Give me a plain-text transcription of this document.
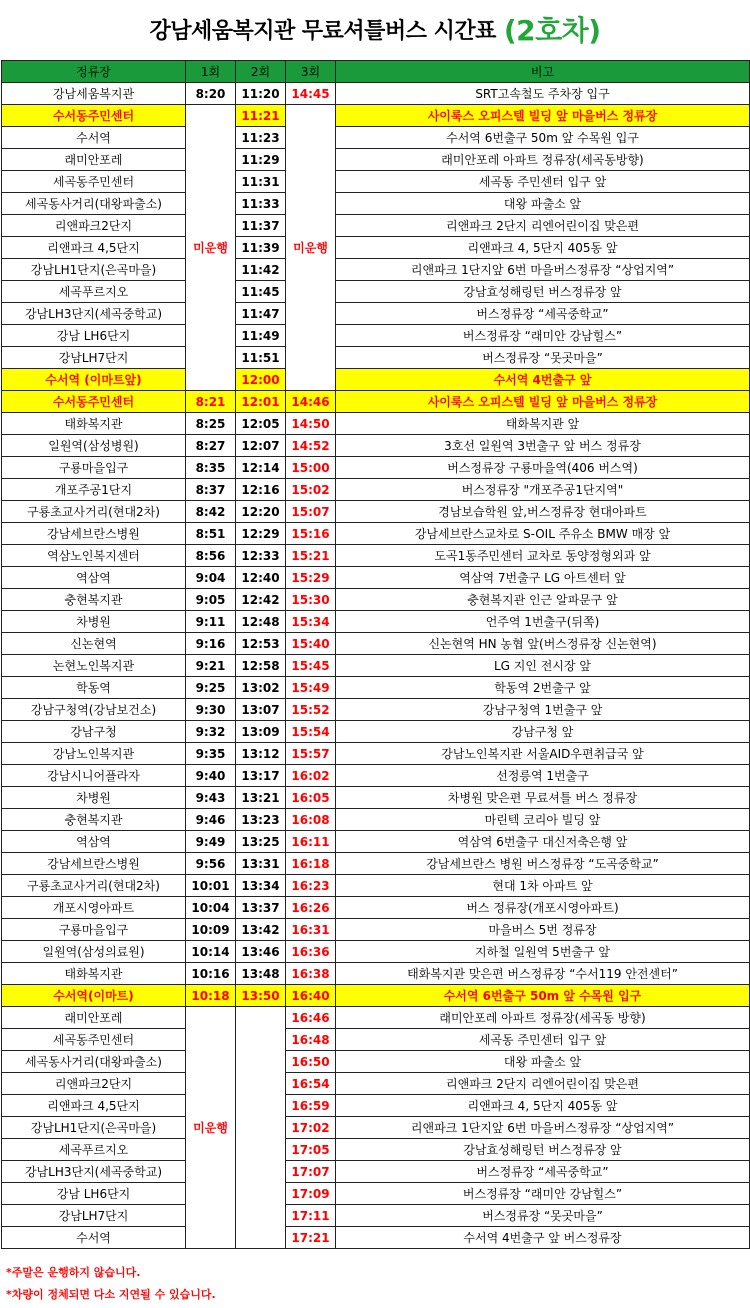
강남세움복지관 무료셔틀버스 시간표 (2호차)
정류장	1회	2회	3회	비고
강남세움복지관	8:20	11:20	14:45	SRT고속철도 주차장 입구
수서동주민센터	미운행	11:21	미운행	사이룩스 오피스텔 빌딩 앞 마을버스 정류장
수서역		11:23		수서역 6번출구 50m 앞 수목원 입구
래미안포레		11:29		래미안포레 아파트 정류장(세곡동방향)
세곡동주민센터		11:31		세곡동 주민센터 입구 앞
세곡동사거리(대왕파출소)		11:33		대왕 파출소 앞
리앤파크2단지		11:37		리앤파크 2단지 리엔어린이집 맞은편
리앤파크 4,5단지		11:39		리앤파크 4, 5단지 405동 앞
강남LH1단지(은곡마을)		11:42		리앤파크 1단지앞 6번 마을버스정류장 “상업지역”
세곡푸르지오		11:45		강남효성해링턴 버스정류장 앞
강남LH3단지(세곡중학교)		11:47		버스정류장 “세곡중학교”
강남 LH6단지		11:49		버스정류장 “래미안 강남힐스”
강남LH7단지		11:51		버스정류장 “못곳마을”
수서역 (이마트앞)		12:00		수서역 4번출구 앞
수서동주민센터	8:21	12:01	14:46	사이룩스 오피스텔 빌딩 앞 마을버스 정류장
태화복지관	8:25	12:05	14:50	태화복지관 앞
일원역(삼성병원)	8:27	12:07	14:52	3호선 일원역 3번출구 앞 버스 정류장
구룡마을입구	8:35	12:14	15:00	버스정류장 구룡마을역(406 버스역)
개포주공1단지	8:37	12:16	15:02	버스정류장 "개포주공1단지역"
구룡초교사거리(현대2차)	8:42	12:20	15:07	경남보습학원 앞,버스정류장 현대아파트
강남세브란스병원	8:51	12:29	15:16	강남세브란스교차로 S-OIL 주유소 BMW 매장 앞
역삼노인복지센터	8:56	12:33	15:21	도곡1동주민센터 교차로 동양정형외과 앞
역삼역	9:04	12:40	15:29	역삼역 7번출구 LG 아트센터 앞
충현복지관	9:05	12:42	15:30	충현복지관 인근 알파문구 앞
차병원	9:11	12:48	15:34	언주역 1번출구(뒤쪽)
신논현역	9:16	12:53	15:40	신논현역 HN 농협 앞(버스정류장 신논현역)
논현노인복지관	9:21	12:58	15:45	LG 지인 전시장 앞
학동역	9:25	13:02	15:49	학동역 2번출구 앞
강남구청역(강남보건소)	9:30	13:07	15:52	강남구청역 1번출구 앞
강남구청	9:32	13:09	15:54	강남구청 앞
강남노인복지관	9:35	13:12	15:57	강남노인복지관 서울AID우편취급국 앞
강남시니어플라자	9:40	13:17	16:02	선정릉역 1번출구
차병원	9:43	13:21	16:05	차병원 맞은편 무료셔틀 버스 정류장
충현복지관	9:46	13:23	16:08	마린텍 코리아 빌딩 앞
역삼역	9:49	13:25	16:11	역삼역 6번출구 대신저축은행 앞
강남세브란스병원	9:56	13:31	16:18	강남세브란스 병원 버스정류장 “도곡중학교”
구룡초교사거리(현대2차)	10:01	13:34	16:23	현대 1차 아파트 앞
개포시영아파트	10:04	13:37	16:26	버스 정류장(개포시영아파트)
구룡마을입구	10:09	13:42	16:31	마을버스 5번 정류장
일원역(삼성의료원)	10:14	13:46	16:36	지하철 일원역 5번출구 앞
태화복지관	10:16	13:48	16:38	태화복지관 맞은편 버스정류장 “수서119 안전센터”
수서역(이마트)	10:18	13:50	16:40	수서역 6번출구 50m 앞 수목원 입구
래미안포레	미운행		16:46	래미안포레 아파트 정류장(세곡동 방향)
세곡동주민센터			16:48	세곡동 주민센터 입구 앞
세곡동사거리(대왕파출소)			16:50	대왕 파출소 앞
리앤파크2단지			16:54	리앤파크 2단지 리엔어린이집 맞은편
리앤파크 4,5단지			16:59	리앤파크 4, 5단지 405동 앞
강남LH1단지(은곡마을)			17:02	리앤파크 1단지앞 6번 마을버스정류장 “상업지역”
세곡푸르지오			17:05	강남효성해링턴 버스정류장 앞
강남LH3단지(세곡중학교)			17:07	버스정류장 “세곡중학교”
강남 LH6단지			17:09	버스정류장 “래미안 강남힐스”
강남LH7단지			17:11	버스정류장 “못곳마을”
수서역			17:21	수서역 4번출구 앞 버스정류장
*주말은 운행하지 않습니다.
*차량이 정체되면 다소 지연될 수 있습니다.
